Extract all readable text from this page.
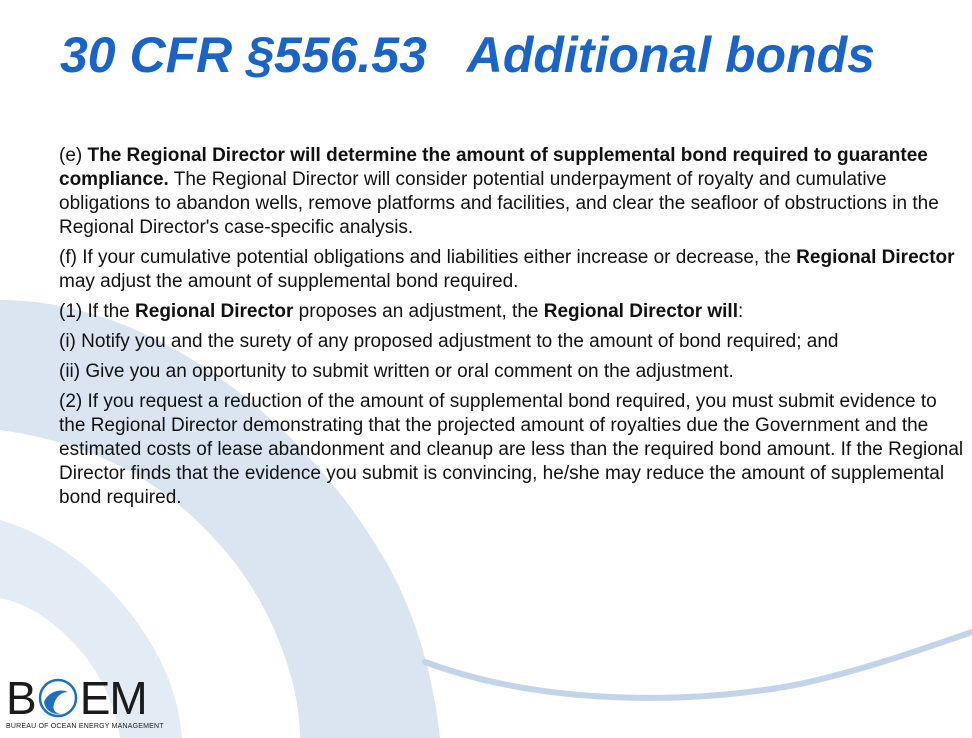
30 CFR §556.53   Additional bonds

(e) The Regional Director will determine the amount of supplemental bond required to guarantee compliance. The Regional Director will consider potential underpayment of royalty and cumulative obligations to abandon wells, remove platforms and facilities, and clear the seafloor of obstructions in the Regional Director's case-specific analysis.

(f) If your cumulative potential obligations and liabilities either increase or decrease, the Regional Director may adjust the amount of supplemental bond required.

(1) If the Regional Director proposes an adjustment, the Regional Director will:

(i) Notify you and the surety of any proposed adjustment to the amount of bond required; and

(ii) Give you an opportunity to submit written or oral comment on the adjustment.

(2) If you request a reduction of the amount of supplemental bond required, you must submit evidence to the Regional Director demonstrating that the projected amount of royalties due the Government and the estimated costs of lease abandonment and cleanup are less than the required bond amount. If the Regional Director finds that the evidence you submit is convincing, he/she may reduce the amount of supplemental bond required.

B EM
BUREAU OF OCEAN ENERGY MANAGEMENT
